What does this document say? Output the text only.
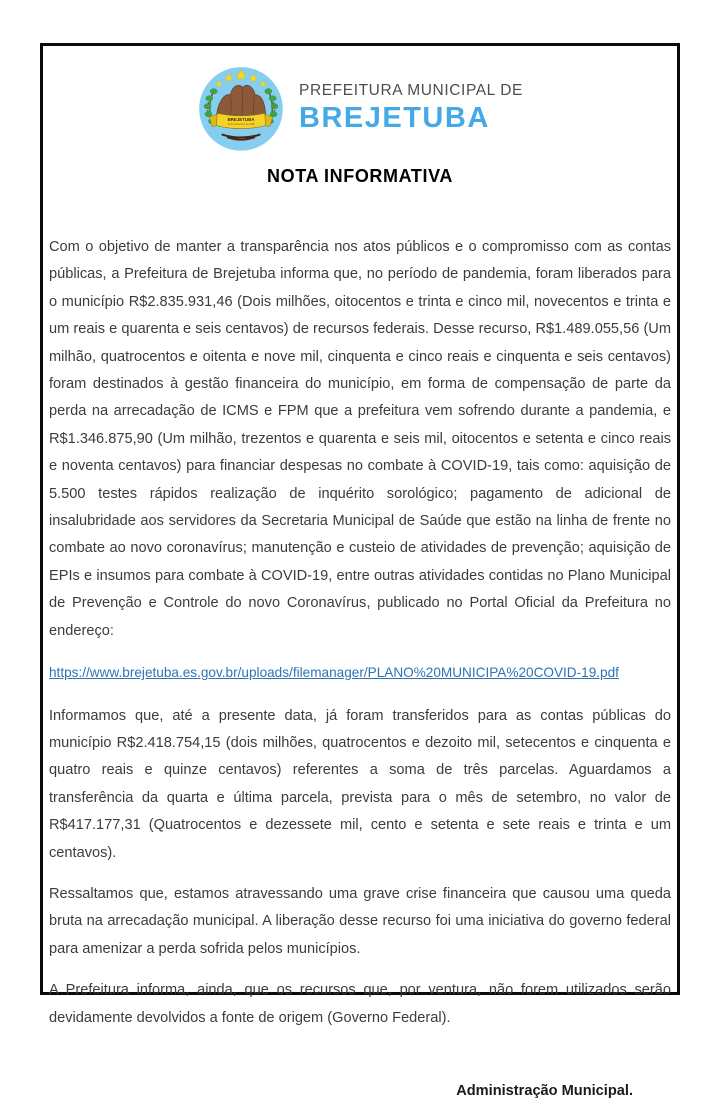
BREJETUBA
15 de dezembro de 1995
PREFEITURA MUNICIPAL DE
BREJETUBA
NOTA INFORMATIVA

Com o objetivo de manter a transparência nos atos públicos e o compromisso com as contas públicas, a Prefeitura de Brejetuba informa que, no período de pandemia, foram liberados para o município R$2.835.931,46 (Dois milhões, oitocentos e trinta e cinco mil, novecentos e trinta e um reais e quarenta e seis centavos) de recursos federais. Desse recurso, R$1.489.055,56 (Um milhão, quatrocentos e oitenta e nove mil, cinquenta e cinco reais e cinquenta e seis centavos) foram destinados à gestão financeira do município, em forma de compensação de parte da perda na arrecadação de ICMS e FPM que a prefeitura vem sofrendo durante a pandemia, e R$1.346.875,90 (Um milhão, trezentos e quarenta e seis mil, oitocentos e setenta e cinco reais e noventa centavos) para financiar despesas no combate à COVID-19, tais como: aquisição de 5.500 testes rápidos realização de inquérito sorológico; pagamento de adicional de insalubridade aos servidores da Secretaria Municipal de Saúde que estão na linha de frente no combate ao novo coronavírus; manutenção e custeio de atividades de prevenção; aquisição de EPIs e insumos para combate à COVID-19, entre outras atividades contidas no Plano Municipal de Prevenção e Controle do novo Coronavírus, publicado no Portal Oficial da Prefeitura no endereço:

https://www.brejetuba.es.gov.br/uploads/filemanager/PLANO%20MUNICIPA%20COVID-19.pdf

Informamos que, até a presente data, já foram transferidos para as contas públicas do município R$2.418.754,15 (dois milhões, quatrocentos e dezoito mil, setecentos e cinquenta e quatro reais e quinze centavos) referentes a soma de três parcelas. Aguardamos a transferência da quarta e última parcela, prevista para o mês de setembro, no valor de R$417.177,31 (Quatrocentos e dezessete mil, cento e setenta e sete reais e trinta e um centavos).

Ressaltamos que, estamos atravessando uma grave crise financeira que causou uma queda bruta na arrecadação municipal. A liberação desse recurso foi uma iniciativa do governo federal para amenizar a perda sofrida pelos municípios.

A Prefeitura informa, ainda, que os recursos que, por ventura, não forem utilizados serão devidamente devolvidos a fonte de origem (Governo Federal).

Administração Municipal.
